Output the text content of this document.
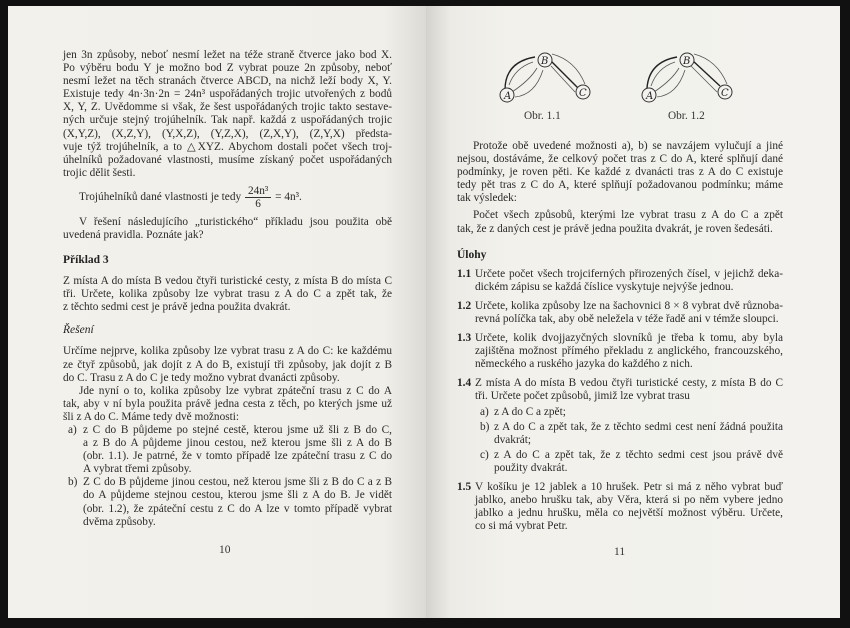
jen 3n způsoby, neboť nesmí ležet na téže straně čtverce jako bod X.
Po výběru bodu Y je možno bod Z vybrat pouze 2n způsoby, neboť
nesmí ležet na těch stranách čtverce ABCD, na nichž leží body X, Y.
Existuje tedy 4n·3n·2n = 24n³ uspořádaných trojic utvořených z bodů
X, Y, Z. Uvědomme si však, že šest uspořádaných trojic takto sestave-
ných určuje stejný trojúhelník. Tak např. každá z uspořádaných trojic
(X,Y,Z), (X,Z,Y), (Y,X,Z), (Y,Z,X), (Z,X,Y), (Z,Y,X) předsta-
vuje týž trojúhelník, a to △XYZ. Abychom dostali počet všech troj-
úhelníků požadované vlastnosti, musíme získaný počet uspořádaných
trojic dělit šesti.
Trojúhelníků dané vlastnosti je tedy $\frac{\text{24n³}}{6} = 4n^3$.
V řešení následujícího „turistického“ příkladu jsou použita obě
uvedená pravidla. Poznáte jak?
Příklad 3
Z místa A do místa B vedou čtyři turistické cesty, z místa B do místa C
tři. Určete, kolika způsoby lze vybrat trasu z A do C a zpět tak, že
z těchto sedmi cest je právě jedna použita dvakrát.
Řešení
Určíme nejprve, kolika způsoby lze vybrat trasu z A do C: ke každému
ze čtyř způsobů, jak dojít z A do B, existují tři způsoby, jak dojít z B
do C. Trasu z A do C je tedy možno vybrat dvanácti způsoby.
Jde nyní o to, kolika způsoby lze vybrat zpáteční trasu z C do A
tak, aby v ní byla použita právě jedna cesta z těch, po kterých jsme už
šli z A do C. Máme tedy dvě možnosti:
a) z C do B půjdeme po stejné cestě, kterou jsme už šli z B do C,
a z B do A půjdeme jinou cestou, než kterou jsme šli z A do B
(obr. 1.1). Je patrné, že v tomto případě lze zpáteční trasu z C do
A vybrat třemi způsoby.
b) Z C do B půjdeme jinou cestou, než kterou jsme šli z B do C a z B
do A půjdeme stejnou cestou, kterou jsme šli z A do B. Je vidět
(obr. 1.2), že zpáteční cestu z C do A lze v tomto případě vybrat
dvěma způsoby.
10
A
B
C	A
B
C
Obr. 1.1	Obr. 1.2
Protože obě uvedené možnosti a), b) se navzájem vylučují a jiné
nejsou, dostáváme, že celkový počet tras z C do A, které splňují dané
podmínky, je roven pěti. Ke každé z dvanácti tras z A do C existuje
tedy pět tras z C do A, které splňují požadovanou podmínku; máme
tak výsledek:
Počet všech způsobů, kterými lze vybrat trasu z A do C a zpět
tak, že z daných cest je právě jedna použita dvakrát, je roven šedesáti.
Úlohy
1.1 Určete počet všech trojciferných přirozených čísel, v jejichž deka-
dickém zápisu se každá číslice vyskytuje nejvýše jednou.
1.2 Určete, kolika způsoby lze na šachovnici 8 × 8 vybrat dvě různoba-
revná políčka tak, aby obě neležela v téže řadě ani v témže sloupci.
1.3 Určete, kolik dvojjazyčných slovníků je třeba k tomu, aby byla
zajištěna možnost přímého překladu z anglického, francouzského,
německého a ruského jazyka do každého z nich.
1.4 Z místa A do místa B vedou čtyři turistické cesty, z místa B do C
tři. Určete počet způsobů, jimiž lze vybrat trasu
a) z A do C a zpět;
b) z A do C a zpět tak, že z těchto sedmi cest není žádná použita
dvakrát;
c) z A do C a zpět tak, že z těchto sedmi cest jsou právě dvě
použity dvakrát.
1.5 V košíku je 12 jablek a 10 hrušek. Petr si má z něho vybrat buď
jablko, anebo hrušku tak, aby Věra, která si po něm vybere jedno
jablko a jednu hrušku, měla co největší možnost výběru. Určete,
co si má vybrat Petr.
11
